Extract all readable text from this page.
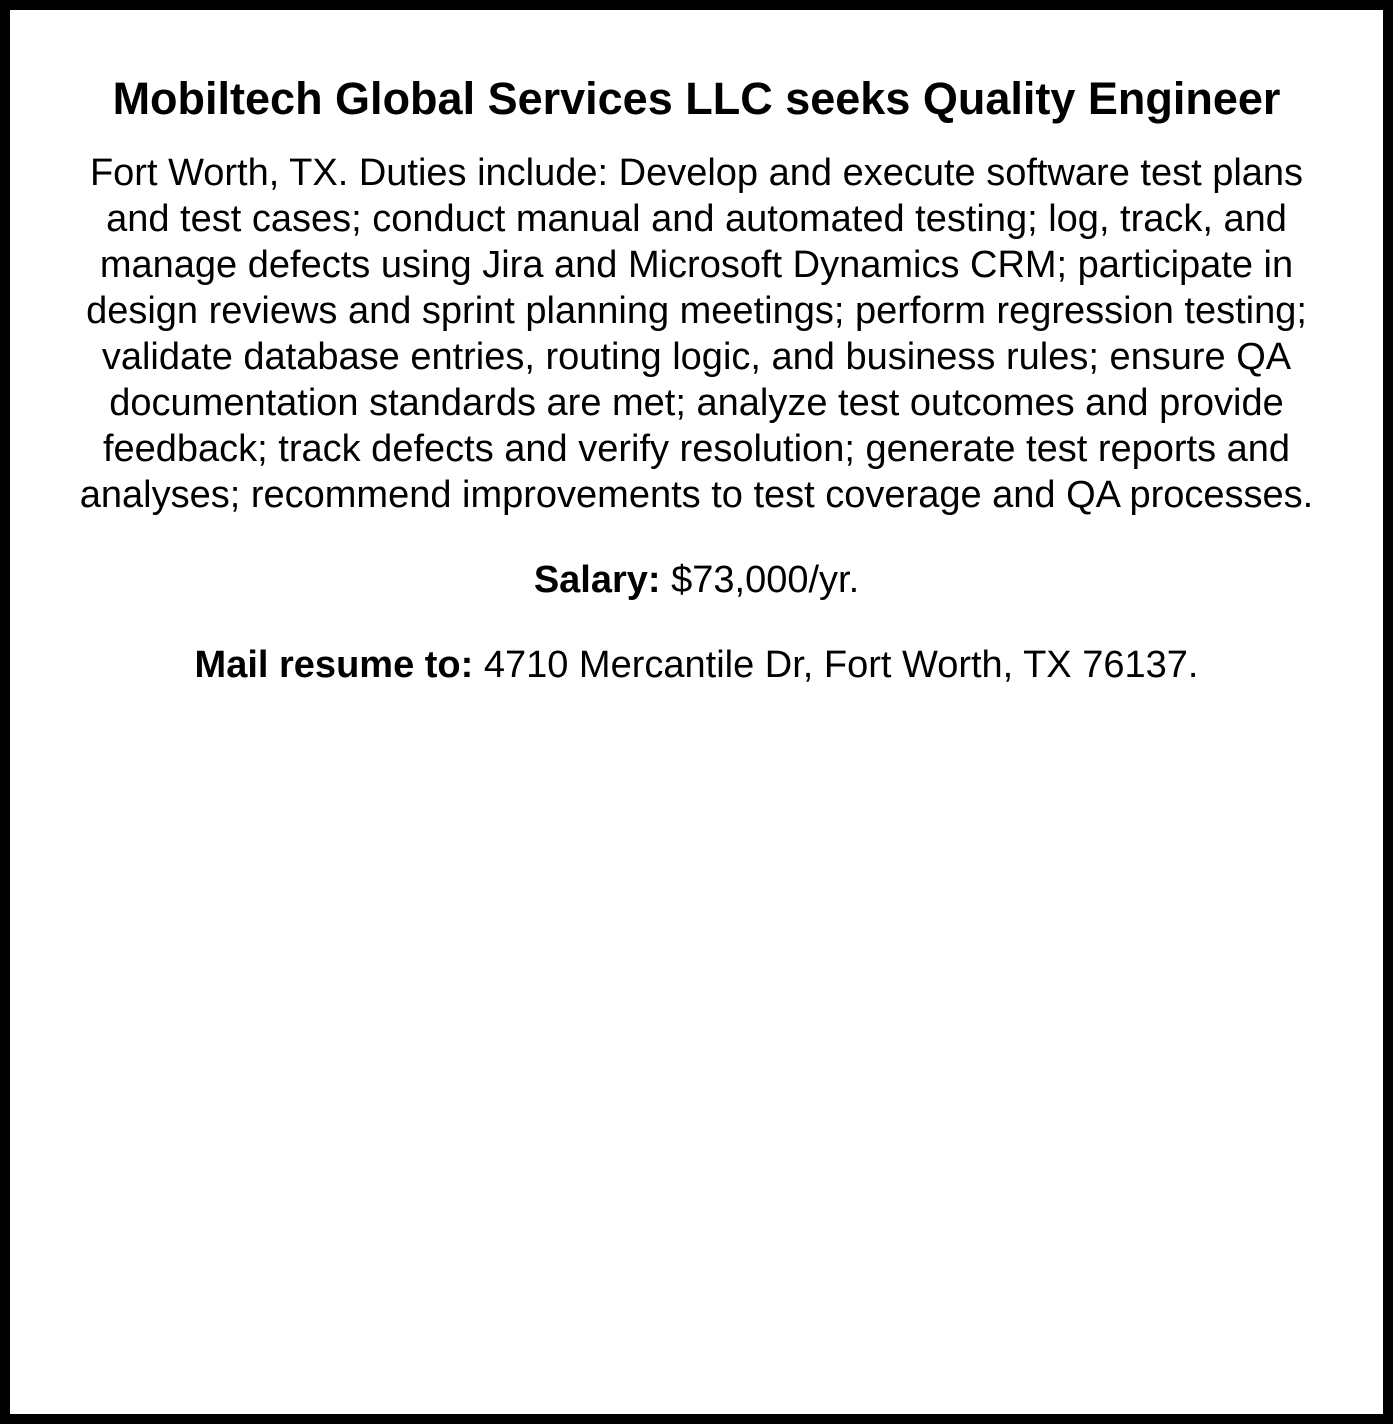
Mobiltech Global Services LLC seeks Quality Engineer

Fort Worth, TX. Duties include: Develop and execute software test plans and test cases; conduct manual and automated testing; log, track, and manage defects using Jira and Microsoft Dynamics CRM; participate in design reviews and sprint planning meetings; perform regression testing; validate database entries, routing logic, and business rules; ensure QA documentation standards are met; analyze test outcomes and provide feedback; track defects and verify resolution; generate test reports and analyses; recommend improvements to test coverage and QA processes.

Salary: $73,000/yr.

Mail resume to: 4710 Mercantile Dr, Fort Worth, TX 76137.
